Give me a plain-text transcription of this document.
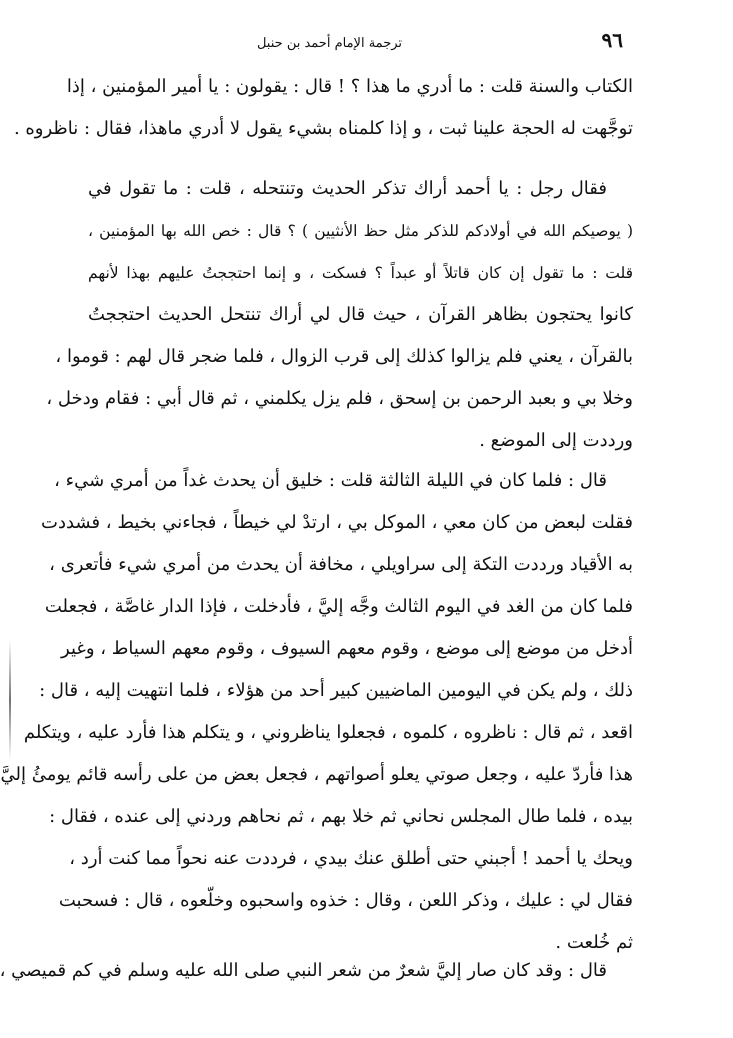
٩٦
ترجمة الإمام أحمد بن حنبل
الكتاب والسنة قلت : ما أدري ما هذا ؟ ! قال : يقولون : يا أمير المؤمنين ، إذا
توجَّهت له الحجة علينا ثبت ، و إذا كلمناه بشيء يقول لا أدري ماهذا، فقال : ناظروه .
فقال رجل : يا أحمد أراك تذكر الحديث وتنتحله ، قلت : ما تقول في
( يوصيكم الله في أولادكم للذكر مثل حظ الأنثيين ) ؟ قال : خص الله بها المؤمنين ،
قلت : ما تقول إن كان قاتلاً أو عبداً ؟ فسكت ، و إنما احتججتُ عليهم بهذا لأنهم
كانوا يحتجون بظاهر القرآن ، حيث قال لي أراك تنتحل الحديث احتججتُ
بالقرآن ، يعني فلم يزالوا كذلك إلى قرب الزوال ، فلما ضجر قال لهم : قوموا ،
وخلا بي و بعبد الرحمن بن إسحق ، فلم يزل يكلمني ، ثم قال أبي : فقام ودخل ،
ورددت إلى الموضع .
قال : فلما كان في الليلة الثالثة قلت : خليق أن يحدث غداً من أمري شيء ،
فقلت لبعض من كان معي ، الموكل بي ، ارتدْ لي خيطاً ، فجاءني بخيط ، فشددت
به الأقياد ورددت التكة إلى سراويلي ، مخافة أن يحدث من أمري شيء فأتعرى ،
فلما كان من الغد في اليوم الثالث وجَّه إليَّ ، فأدخلت ، فإذا الدار غاصَّة ، فجعلت
أدخل من موضع إلى موضع ، وقوم معهم السيوف ، وقوم معهم السياط ، وغير
ذلك ، ولم يكن في اليومين الماضيين كبير أحد من هؤلاء ، فلما انتهيت إليه ، قال :
اقعد ، ثم قال : ناظروه ، كلموه ، فجعلوا يناظروني ، و يتكلم هذا فأرد عليه ، ويتكلم
هذا فأردّ عليه ، وجعل صوتي يعلو أصواتهم ، فجعل بعض من على رأسه قائم يومئُ إليَّ
بيده ، فلما طال المجلس نحاني ثم خلا بهم ، ثم نحاهم وردني إلى عنده ، فقال :
ويحك يا أحمد ! أجبني حتى أطلق عنك بيدي ، فرددت عنه نحواً مما كنت أرد ،
فقال لي : عليك ، وذكر اللعن ، وقال : خذوه واسحبوه وخلّعوه ، قال : فسحبت
ثم خُلعت .
قال : وقد كان صار إليَّ شعرٌ من شعر النبي صلى الله عليه وسلم في كم قميصي ،
